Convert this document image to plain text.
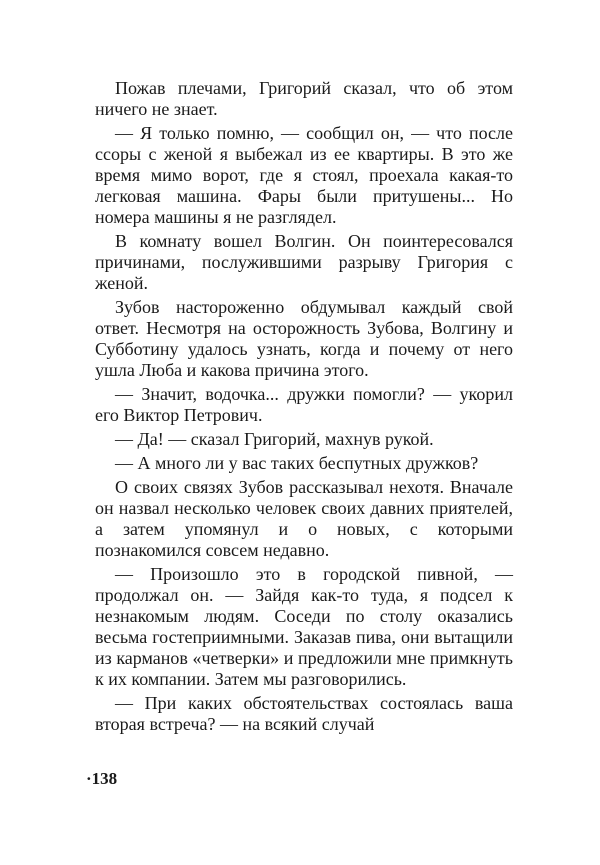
Пожав плечами, Григорий сказал, что об этом ничего не знает.

— Я только помню, — сообщил он, — что после ссоры с женой я выбежал из ее квартиры. В это же время мимо ворот, где я стоял, проехала какая-то легковая машина. Фары были притушены... Но номера машины я не разглядел.

В комнату вошел Волгин. Он поинтересовался причинами, послужившими разрыву Григория с женой.

Зубов настороженно обдумывал каждый свой ответ. Несмотря на осторожность Зубова, Волгину и Субботину удалось узнать, когда и почему от него ушла Люба и какова причина этого.

— Значит, водочка... дружки помогли? — укорил его Виктор Петрович.

— Да! — сказал Григорий, махнув рукой.

— А много ли у вас таких беспутных дружков?

О своих связях Зубов рассказывал нехотя. Вначале он назвал несколько человек своих давних приятелей, а затем упомянул и о новых, с которыми познакомился совсем недавно.

— Произошло это в городской пивной, — продолжал он. — Зайдя как-то туда, я подсел к незнакомым людям. Соседи по столу оказались весьма гостеприимными. Заказав пива, они вытащили из карманов «четверки» и предложили мне примкнуть к их компании. Затем мы разговорились.

— При каких обстоятельствах состоялась ваша вторая встреча? — на всякий случай

·138
